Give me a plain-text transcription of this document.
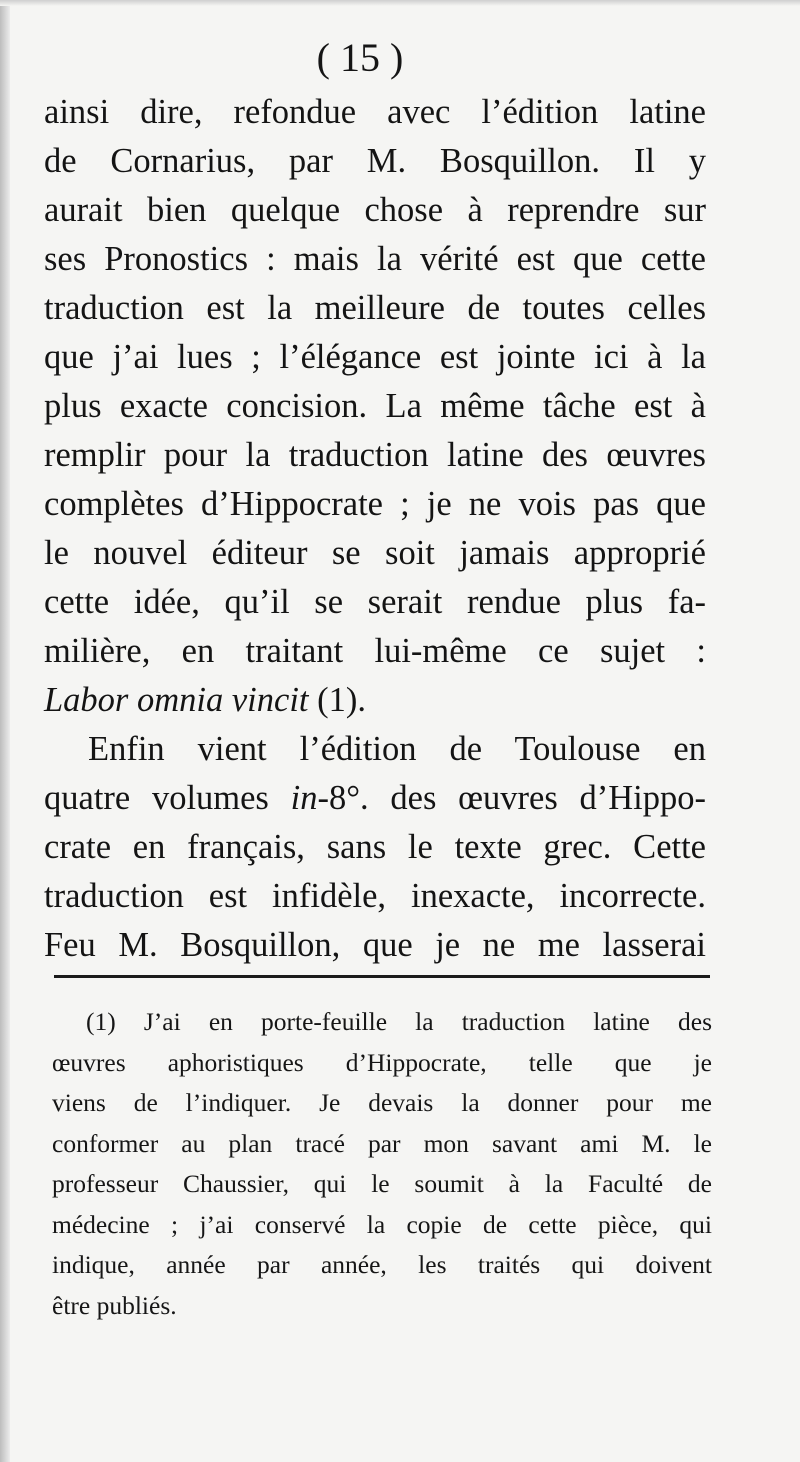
( 15 )
ainsi dire, refondue avec l’édition latine
de Cornarius, par M. Bosquillon. Il y
aurait bien quelque chose à reprendre sur
ses Pronostics : mais la vérité est que cette
traduction est la meilleure de toutes celles
que j’ai lues ; l’élégance est jointe ici à la
plus exacte concision. La même tâche est à
remplir pour la traduction latine des œuvres
complètes d’Hippocrate ; je ne vois pas que
le nouvel éditeur se soit jamais approprié
cette idée, qu’il se serait rendue plus fa-
milière, en traitant lui-même ce sujet :
Labor omnia vincit (1).
Enfin vient l’édition de Toulouse en
quatre volumes in-8°. des œuvres d’Hippo-
crate en français, sans le texte grec. Cette
traduction est infidèle, inexacte, incorrecte.
Feu M. Bosquillon, que je ne me lasserai
(1) J’ai en porte-feuille la traduction latine des
œuvres aphoristiques d’Hippocrate, telle que je
viens de l’indiquer. Je devais la donner pour me
conformer au plan tracé par mon savant ami M. le
professeur Chaussier, qui le soumit à la Faculté de
médecine ; j’ai conservé la copie de cette pièce, qui
indique, année par année, les traités qui doivent
être publiés.
